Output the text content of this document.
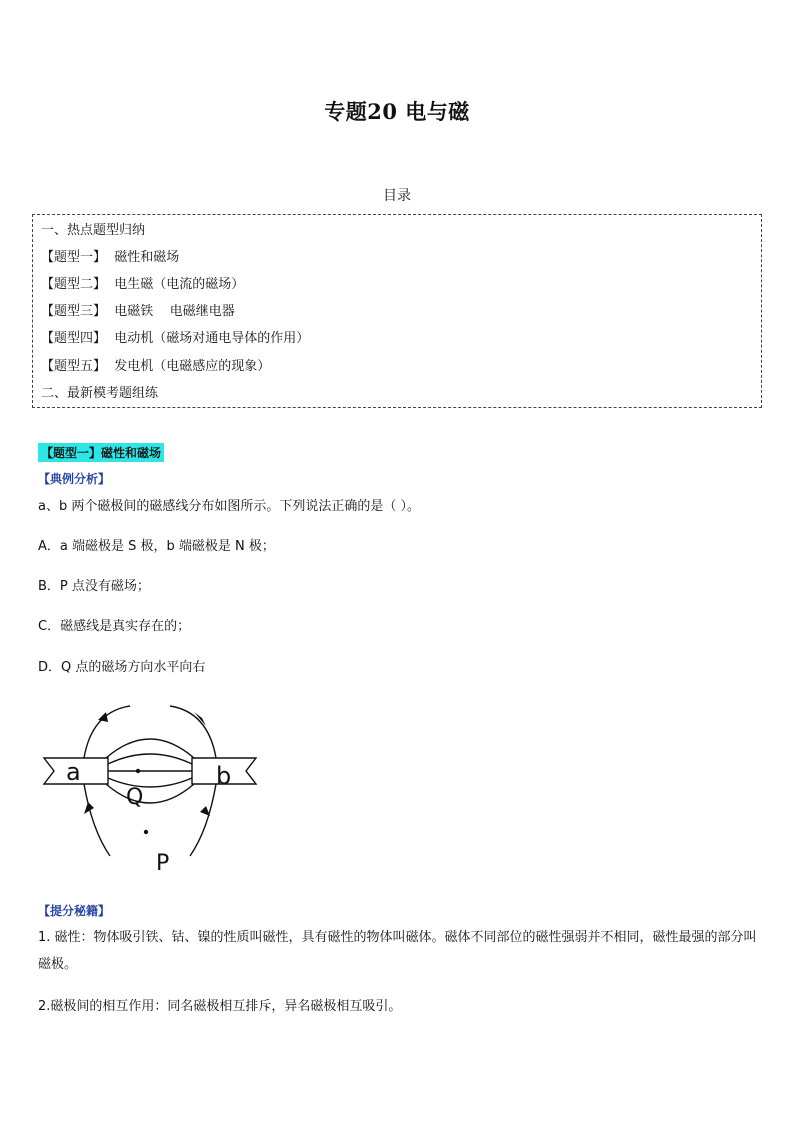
专题20 电与磁
目录
一、热点题型归纳
【题型一】  磁性和磁场
【题型二】  电生磁（电流的磁场）
【题型三】  电磁铁    电磁继电器
【题型四】  电动机（磁场对通电导体的作用）
【题型五】  发电机（电磁感应的现象）
二、最新模考题组练
【题型一】磁性和磁场
【典例分析】
a、b 两个磁极间的磁感线分布如图所示。下列说法正确的是（ ）。
A．a 端磁极是 S 极，b 端磁极是 N 极；
B．P 点没有磁场；
C．磁感线是真实存在的；
D．Q 点的磁场方向水平向右
a	b
Q
P
【提分秘籍】
1. 磁性：物体吸引铁、钴、镍的性质叫磁性，具有磁性的物体叫磁体。磁体不同部位的磁性强弱并不相同，磁性最强的部分叫磁极。
2.磁极间的相互作用：同名磁极相互排斥，异名磁极相互吸引。
